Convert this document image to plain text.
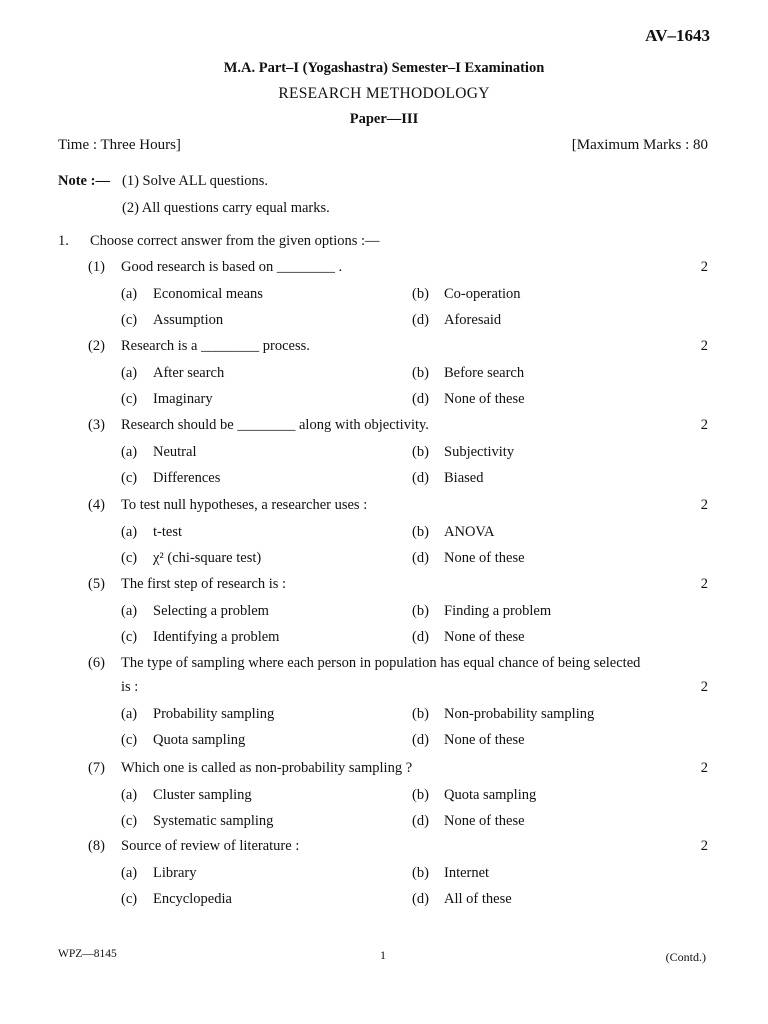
AV–1643
M.A. Part–I (Yogashastra) Semester–I Examination
RESEARCH METHODOLOGY
Paper—III
Time : Three Hours]	[Maximum Marks : 80
Note :— (1) Solve ALL questions.
(2) All questions carry equal marks.
1. Choose correct answer from the given options :—
(1) Good research is based on ________ .	2
(a) Economical means	(b) Co-operation
(c) Assumption	(d) Aforesaid
(2) Research is a ________ process.	2
(a) After search	(b) Before search
(c) Imaginary	(d) None of these
(3) Research should be ________ along with objectivity.	2
(a) Neutral	(b) Subjectivity
(c) Differences	(d) Biased
(4) To test null hypotheses, a researcher uses :	2
(a) t-test	(b) ANOVA
(c) χ² (chi-square test)	(d) None of these
(5) The first step of research is :	2
(a) Selecting a problem	(b) Finding a problem
(c) Identifying a problem	(d) None of these
(6) The type of sampling where each person in population has equal chance of being selected
is :	2
(a) Probability sampling	(b) Non-probability sampling
(c) Quota sampling	(d) None of these
(7) Which one is called as non-probability sampling ?	2
(a) Cluster sampling	(b) Quota sampling
(c) Systematic sampling	(d) None of these
(8) Source of review of literature :	2
(a) Library	(b) Internet
(c) Encyclopedia	(d) All of these
WPZ—8145	1	(Contd.)
